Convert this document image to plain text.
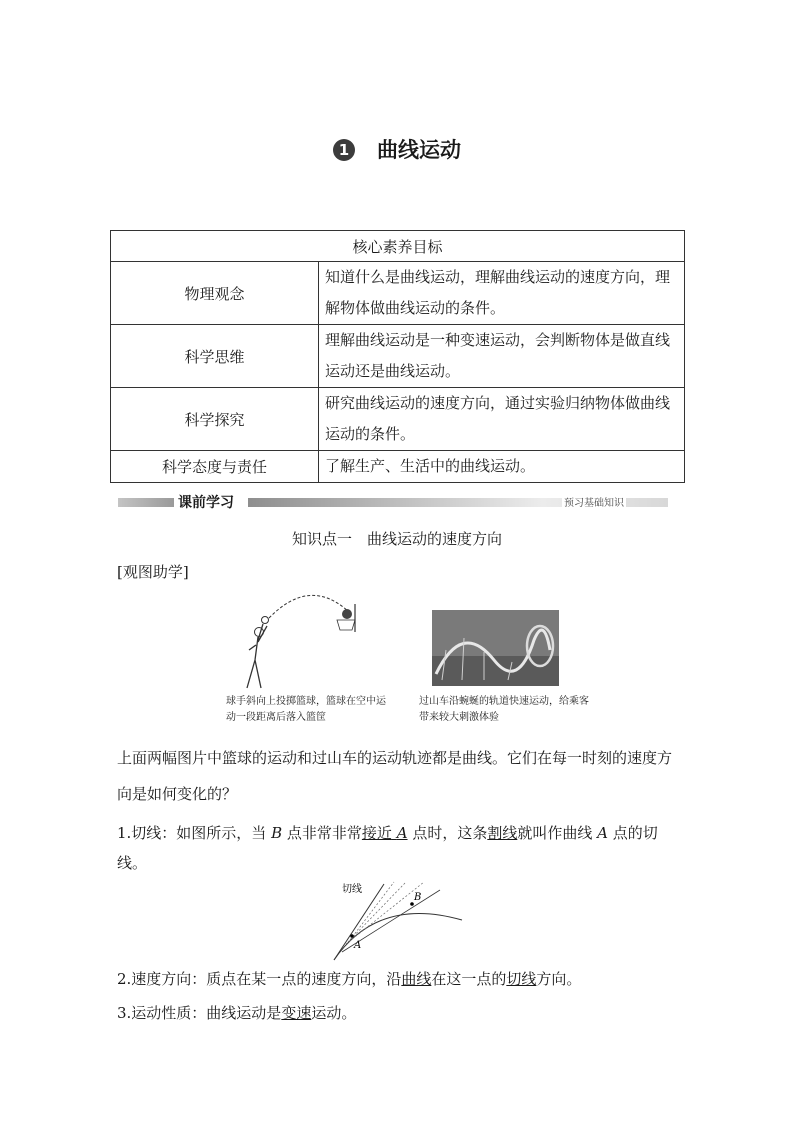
1 曲线运动
核心素养目标	
物理观念	知道什么是曲线运动，理解曲线运动的速度方向，理解物体做曲线运动的条件。
科学思维	理解曲线运动是一种变速运动，会判断物体是做直线运动还是曲线运动。
科学探究	研究曲线运动的速度方向，通过实验归纳物体做曲线运动的条件。
科学态度与责任	了解生产、生活中的曲线运动。
课前学习	预习基础知识
知识点一　曲线运动的速度方向
[观图助学]
球手斜向上投掷篮球，篮球在空中运动一段距离后落入篮筐
过山车沿蜿蜒的轨道快速运动，给乘客带来较大刺激体验
上面两幅图片中篮球的运动和过山车的运动轨迹都是曲线。它们在每一时刻的速度方向是如何变化的？
1.切线：如图所示，当 B 点非常非常接近 A 点时，这条割线就叫作曲线 A 点的切线。
切线
A
B
2.速度方向：质点在某一点的速度方向，沿曲线在这一点的切线方向。
3.运动性质：曲线运动是变速运动。
